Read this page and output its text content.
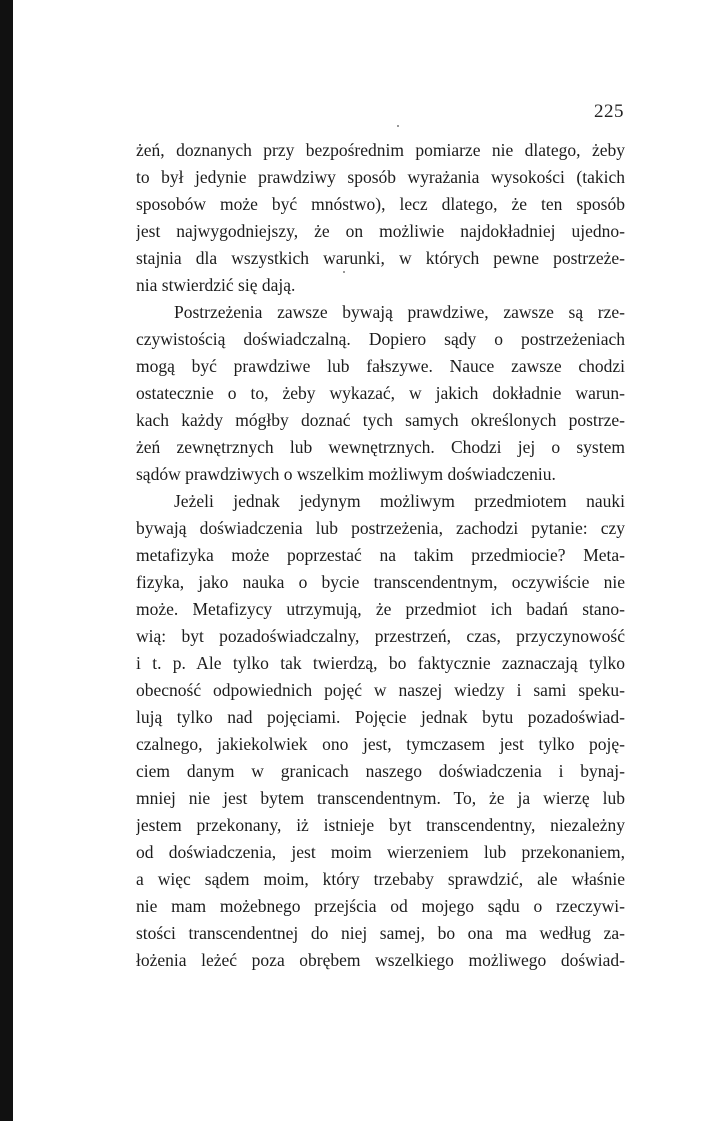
225
żeń, doznanych przy bezpośrednim pomiarze nie dlatego, żeby
to był jedynie prawdziwy sposób wyrażania wysokości (takich
sposobów może być mnóstwo), lecz dlatego, że ten sposób
jest najwygodniejszy, że on możliwie najdokładniej ujedno-
stajnia dla wszystkich warunki, w których pewne postrzeże-
nia stwierdzić się dają.
Postrzeżenia zawsze bywają prawdziwe, zawsze są rze-
czywistością doświadczalną. Dopiero sądy o postrzeżeniach
mogą być prawdziwe lub fałszywe. Nauce zawsze chodzi
ostatecznie o to, żeby wykazać, w jakich dokładnie warun-
kach każdy mógłby doznać tych samych określonych postrze-
żeń zewnętrznych lub wewnętrznych. Chodzi jej o system
sądów prawdziwych o wszelkim możliwym doświadczeniu.
Jeżeli jednak jedynym możliwym przedmiotem nauki
bywają doświadczenia lub postrzeżenia, zachodzi pytanie: czy
metafizyka może poprzestać na takim przedmiocie? Meta-
fizyka, jako nauka o bycie transcendentnym, oczywiście nie
może. Metafizycy utrzymują, że przedmiot ich badań stano-
wią: byt pozadoświadczalny, przestrzeń, czas, przyczynowość
i t. p. Ale tylko tak twierdzą, bo faktycznie zaznaczają tylko
obecność odpowiednich pojęć w naszej wiedzy i sami speku-
lują tylko nad pojęciami. Pojęcie jednak bytu pozadoświad-
czalnego, jakiekolwiek ono jest, tymczasem jest tylko poję-
ciem danym w granicach naszego doświadczenia i bynaj-
mniej nie jest bytem transcendentnym. To, że ja wierzę lub
jestem przekonany, iż istnieje byt transcendentny, niezależny
od doświadczenia, jest moim wierzeniem lub przekonaniem,
a więc sądem moim, który trzebaby sprawdzić, ale właśnie
nie mam możebnego przejścia od mojego sądu o rzeczywi-
stości transcendentnej do niej samej, bo ona ma według za-
łożenia leżeć poza obrębem wszelkiego możliwego doświad-
